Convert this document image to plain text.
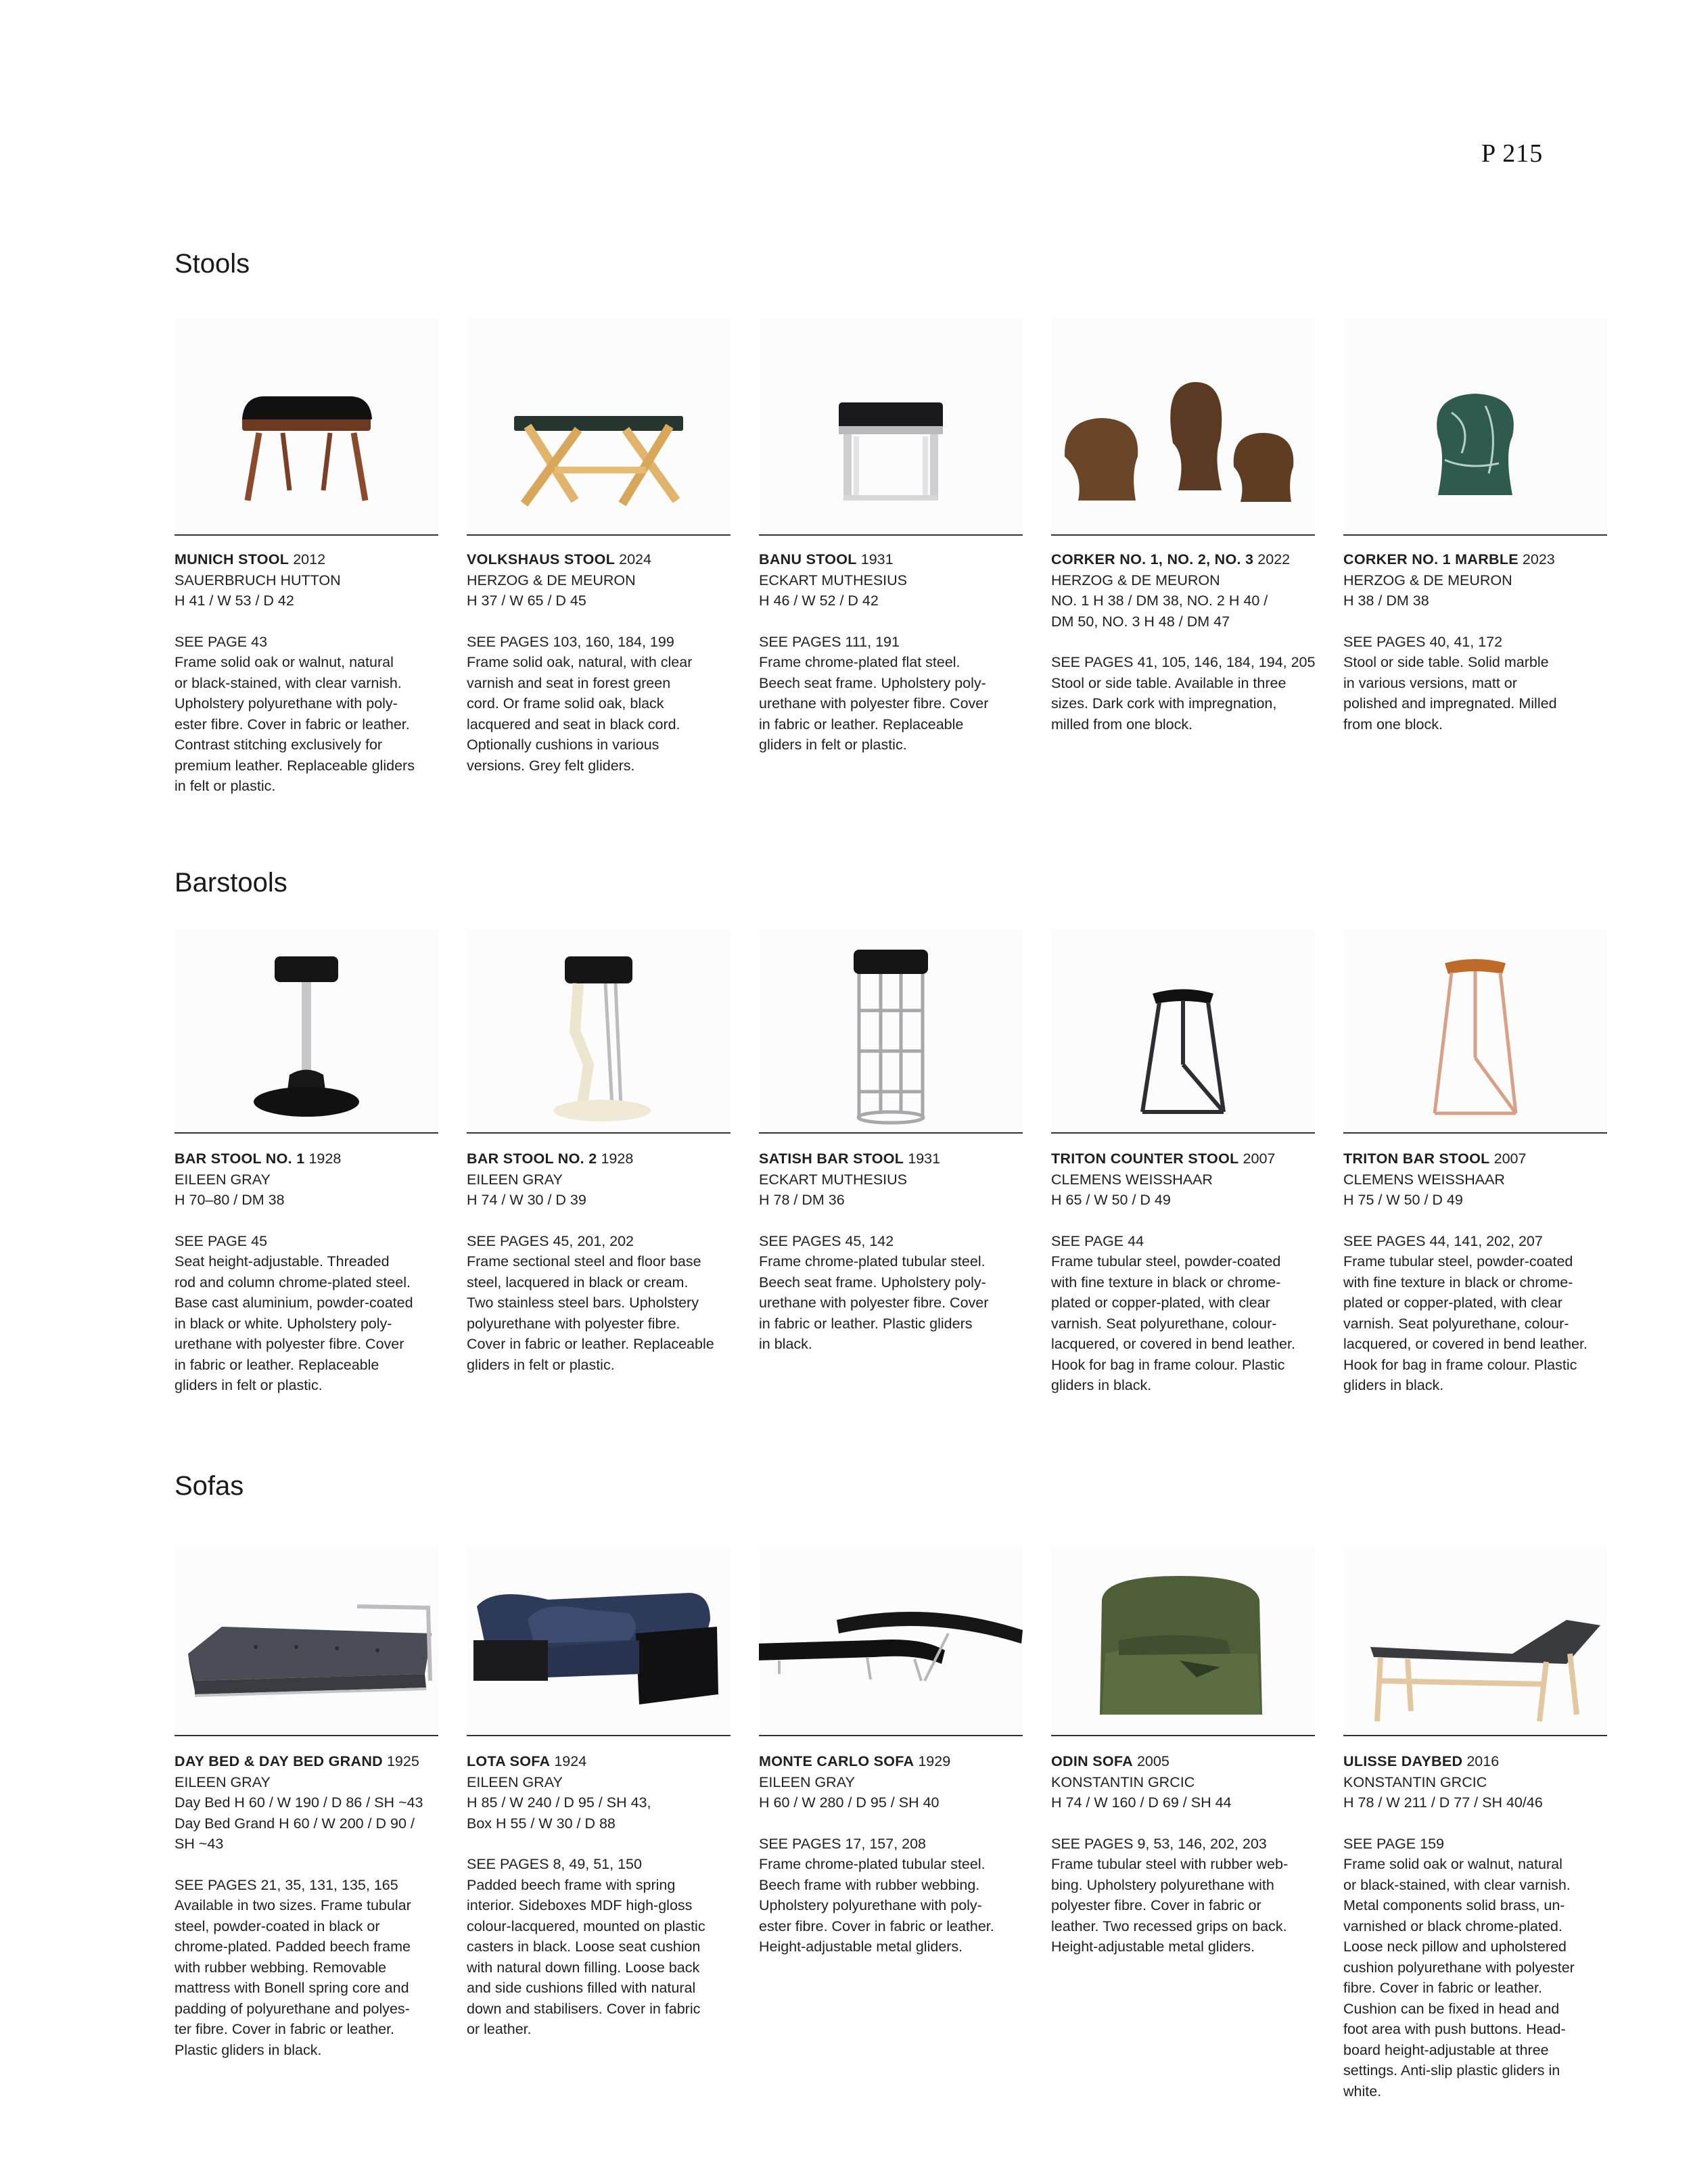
P 215
Stools
MUNICH STOOL 2012
SAUERBRUCH HUTTON
H 41 / W 53 / D 42
SEE PAGE 43
Frame solid oak or walnut, natural
or black-stained, with clear varnish.
Upholstery polyurethane with poly-
ester fibre. Cover in fabric or leather.
Contrast stitching exclusively for
premium leather. Replaceable gliders
in felt or plastic.
VOLKSHAUS STOOL 2024
HERZOG & DE MEURON
H 37 / W 65 / D 45
SEE PAGES 103, 160, 184, 199
Frame solid oak, natural, with clear
varnish and seat in forest green
cord. Or frame solid oak, black
lacquered and seat in black cord.
Optionally cushions in various
versions. Grey felt gliders.
BANU STOOL 1931
ECKART MUTHESIUS
H 46 / W 52 / D 42
SEE PAGES 111, 191
Frame chrome-plated flat steel.
Beech seat frame. Upholstery poly-
urethane with polyester fibre. Cover
in fabric or leather. Replaceable
gliders in felt or plastic.
CORKER NO. 1, NO. 2, NO. 3 2022
HERZOG & DE MEURON
NO. 1 H 38 / DM 38, NO. 2 H 40 /
DM 50, NO. 3 H 48 / DM 47
SEE PAGES 41, 105, 146, 184, 194, 205
Stool or side table. Available in three
sizes. Dark cork with impregnation,
milled from one block.
CORKER NO. 1 MARBLE 2023
HERZOG & DE MEURON
H 38 / DM 38
SEE PAGES 40, 41, 172
Stool or side table. Solid marble
in various versions, matt or
polished and impregnated. Milled
from one block.
Barstools
BAR STOOL NO. 1 1928
EILEEN GRAY
H 70–80 / DM 38
SEE PAGE 45
Seat height-adjustable. Threaded
rod and column chrome-plated steel.
Base cast aluminium, powder-coated
in black or white. Upholstery poly-
urethane with polyester fibre. Cover
in fabric or leather. Replaceable
gliders in felt or plastic.
BAR STOOL NO. 2 1928
EILEEN GRAY
H 74 / W 30 / D 39
SEE PAGES 45, 201, 202
Frame sectional steel and floor base
steel, lacquered in black or cream.
Two stainless steel bars. Upholstery
polyurethane with polyester fibre.
Cover in fabric or leather. Replaceable
gliders in felt or plastic.
SATISH BAR STOOL 1931
ECKART MUTHESIUS
H 78 / DM 36
SEE PAGES 45, 142
Frame chrome-plated tubular steel.
Beech seat frame. Upholstery poly-
urethane with polyester fibre. Cover
in fabric or leather. Plastic gliders
in black.
TRITON COUNTER STOOL 2007
CLEMENS WEISSHAAR
H 65 / W 50 / D 49
SEE PAGE 44
Frame tubular steel, powder-coated
with fine texture in black or chrome-
plated or copper-plated, with clear
varnish. Seat polyurethane, colour-
lacquered, or covered in bend leather.
Hook for bag in frame colour. Plastic
gliders in black.
TRITON BAR STOOL 2007
CLEMENS WEISSHAAR
H 75 / W 50 / D 49
SEE PAGES 44, 141, 202, 207
Frame tubular steel, powder-coated
with fine texture in black or chrome-
plated or copper-plated, with clear
varnish. Seat polyurethane, colour-
lacquered, or covered in bend leather.
Hook for bag in frame colour. Plastic
gliders in black.
Sofas
DAY BED & DAY BED GRAND 1925
EILEEN GRAY
Day Bed H 60 / W 190 / D 86 / SH ~43
Day Bed Grand H 60 / W 200 / D 90 /
SH ~43
SEE PAGES 21, 35, 131, 135, 165
Available in two sizes. Frame tubular
steel, powder-coated in black or
chrome-plated. Padded beech frame
with rubber webbing. Removable
mattress with Bonell spring core and
padding of polyurethane and polyes-
ter fibre. Cover in fabric or leather.
Plastic gliders in black.
LOTA SOFA 1924
EILEEN GRAY
H 85 / W 240 / D 95 / SH 43,
Box H 55 / W 30 / D 88
SEE PAGES 8, 49, 51, 150
Padded beech frame with spring
interior. Sideboxes MDF high-gloss
colour-lacquered, mounted on plastic
casters in black. Loose seat cushion
with natural down filling. Loose back
and side cushions filled with natural
down and stabilisers. Cover in fabric
or leather.
MONTE CARLO SOFA 1929
EILEEN GRAY
H 60 / W 280 / D 95 / SH 40
SEE PAGES 17, 157, 208
Frame chrome-plated tubular steel.
Beech frame with rubber webbing.
Upholstery polyurethane with poly-
ester fibre. Cover in fabric or leather.
Height-adjustable metal gliders.
ODIN SOFA 2005
KONSTANTIN GRCIC
H 74 / W 160 / D 69 / SH 44
SEE PAGES 9, 53, 146, 202, 203
Frame tubular steel with rubber web-
bing. Upholstery polyurethane with
polyester fibre. Cover in fabric or
leather. Two recessed grips on back.
Height-adjustable metal gliders.
ULISSE DAYBED 2016
KONSTANTIN GRCIC
H 78 / W 211 / D 77 / SH 40/46
SEE PAGE 159
Frame solid oak or walnut, natural
or black-stained, with clear varnish.
Metal components solid brass, un-
varnished or black chrome-plated.
Loose neck pillow and upholstered
cushion polyurethane with polyester
fibre. Cover in fabric or leather.
Cushion can be fixed in head and
foot area with push buttons. Head-
board height-adjustable at three
settings. Anti-slip plastic gliders in
white.
